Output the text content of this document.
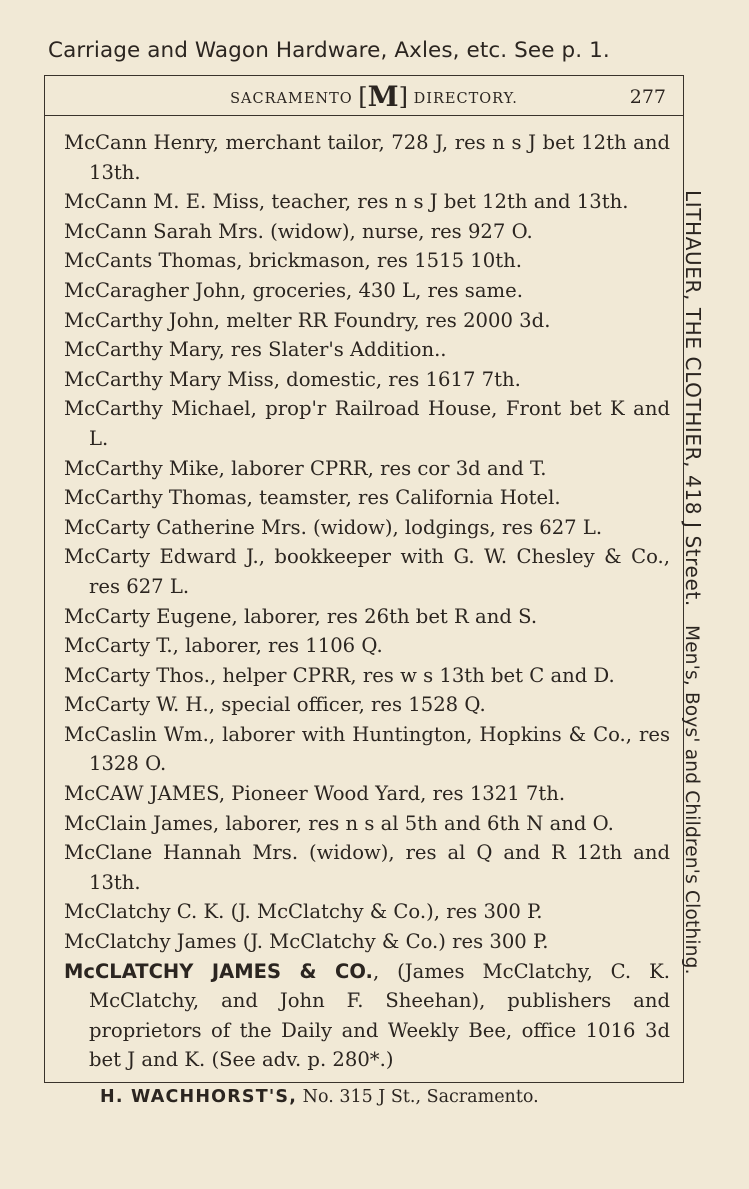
Carriage and Wagon Hardware, Axles, etc. See p. 1.
SACRAMENTO [M] DIRECTORY.	277
McCann Henry, merchant tailor, 728 J, res n s J bet 12th and 13th.
McCann M. E. Miss, teacher, res n s J bet 12th and 13th.
McCann Sarah Mrs. (widow), nurse, res 927 O.
McCants Thomas, brickmason, res 1515 10th.
McCaragher John, groceries, 430 L, res same.
McCarthy John, melter RR Foundry, res 2000 3d.
McCarthy Mary, res Slater's Addition..
McCarthy Mary Miss, domestic, res 1617 7th.
McCarthy Michael, prop'r Railroad House, Front bet K and L.
McCarthy Mike, laborer CPRR, res cor 3d and T.
McCarthy Thomas, teamster, res California Hotel.
McCarty Catherine Mrs. (widow), lodgings, res 627 L.
McCarty Edward J., bookkeeper with G. W. Chesley & Co., res 627 L.
McCarty Eugene, laborer, res 26th bet R and S.
McCarty T., laborer, res 1106 Q.
McCarty Thos., helper CPRR, res w s 13th bet C and D.
McCarty W. H., special officer, res 1528 Q.
McCaslin Wm., laborer with Huntington, Hopkins & Co., res 1328 O.
McCAW JAMES, Pioneer Wood Yard, res 1321 7th.
McClain James, laborer, res n s al 5th and 6th N and O.
McClane Hannah Mrs. (widow), res al Q and R 12th and 13th.
McClatchy C. K. (J. McClatchy & Co.), res 300 P.
McClatchy James (J. McClatchy & Co.) res 300 P.
McCLATCHY JAMES & CO., (James McClatchy, C. K. McClatchy, and John F. Sheehan), publishers and proprietors of the Daily and Weekly Bee, office 1016 3d bet J and K. (See adv. p. 280*.)
LITHAUER, THE CLOTHIER, 418 J Street.   Men's, Boys' and Children's Clothing.
H. WACHHORST'S, No. 315 J St., Sacramento.
